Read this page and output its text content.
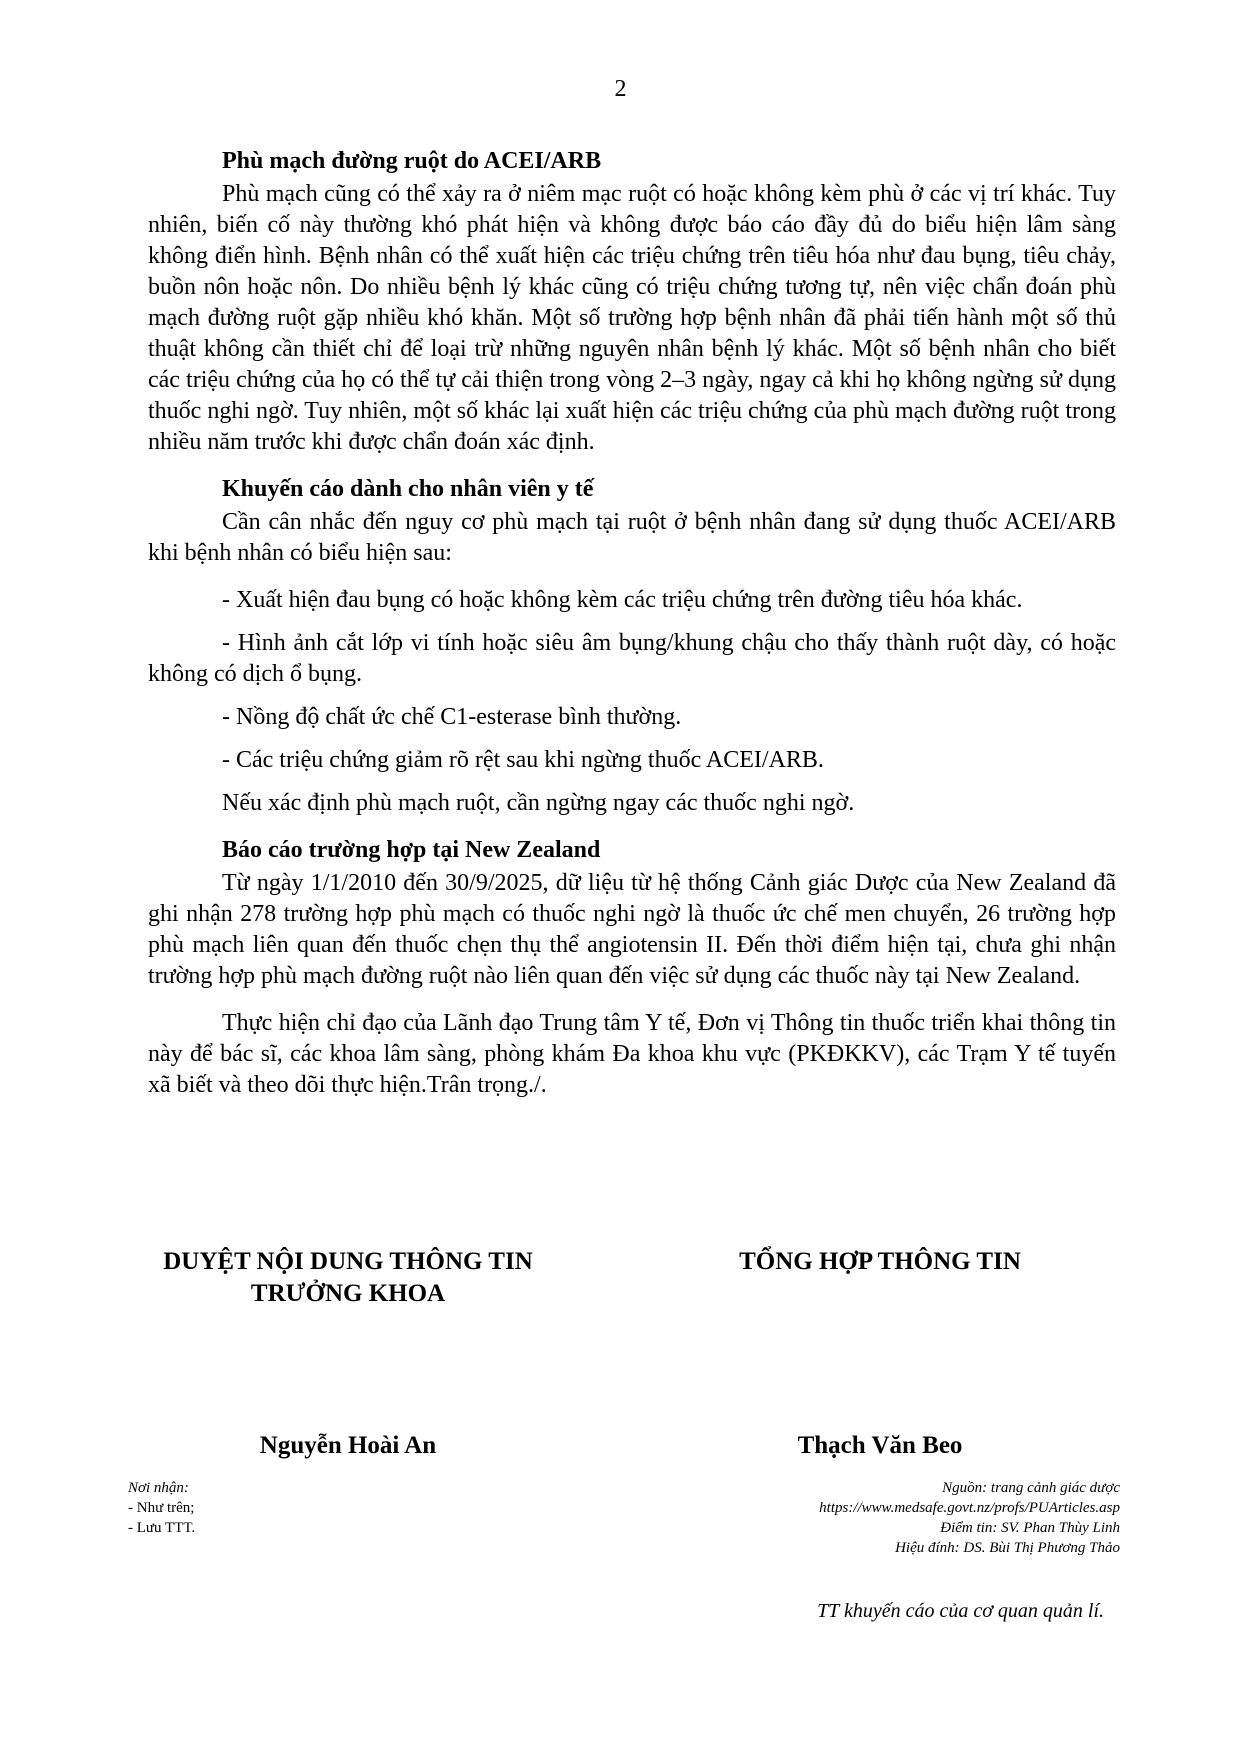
2
Phù mạch đường ruột do ACEI/ARB

Phù mạch cũng có thể xảy ra ở niêm mạc ruột có hoặc không kèm phù ở các vị trí khác. Tuy nhiên, biến cố này thường khó phát hiện và không được báo cáo đầy đủ do biểu hiện lâm sàng không điển hình. Bệnh nhân có thể xuất hiện các triệu chứng trên tiêu hóa như đau bụng, tiêu chảy, buồn nôn hoặc nôn. Do nhiều bệnh lý khác cũng có triệu chứng tương tự, nên việc chẩn đoán phù mạch đường ruột gặp nhiều khó khăn. Một số trường hợp bệnh nhân đã phải tiến hành một số thủ thuật không cần thiết chỉ để loại trừ những nguyên nhân bệnh lý khác. Một số bệnh nhân cho biết các triệu chứng của họ có thể tự cải thiện trong vòng 2–3 ngày, ngay cả khi họ không ngừng sử dụng thuốc nghi ngờ. Tuy nhiên, một số khác lại xuất hiện các triệu chứng của phù mạch đường ruột trong nhiều năm trước khi được chẩn đoán xác định.

Khuyến cáo dành cho nhân viên y tế

Cần cân nhắc đến nguy cơ phù mạch tại ruột ở bệnh nhân đang sử dụng thuốc ACEI/ARB khi bệnh nhân có biểu hiện sau:

- Xuất hiện đau bụng có hoặc không kèm các triệu chứng trên đường tiêu hóa khác.

- Hình ảnh cắt lớp vi tính hoặc siêu âm bụng/khung chậu cho thấy thành ruột dày, có hoặc không có dịch ổ bụng.

- Nồng độ chất ức chế C1-esterase bình thường.

- Các triệu chứng giảm rõ rệt sau khi ngừng thuốc ACEI/ARB.

Nếu xác định phù mạch ruột, cần ngừng ngay các thuốc nghi ngờ.

Báo cáo trường hợp tại New Zealand

Từ ngày 1/1/2010 đến 30/9/2025, dữ liệu từ hệ thống Cảnh giác Dược của New Zealand đã ghi nhận 278 trường hợp phù mạch có thuốc nghi ngờ là thuốc ức chế men chuyển, 26 trường hợp phù mạch liên quan đến thuốc chẹn thụ thể angiotensin II. Đến thời điểm hiện tại, chưa ghi nhận trường hợp phù mạch đường ruột nào liên quan đến việc sử dụng các thuốc này tại New Zealand.

Thực hiện chỉ đạo của Lãnh đạo Trung tâm Y tế, Đơn vị Thông tin thuốc triển khai thông tin này để bác sĩ, các khoa lâm sàng, phòng khám Đa khoa khu vực (PKĐKKV), các Trạm Y tế tuyến xã biết và theo dõi thực hiện.Trân trọng./.

DUYỆT NỘI DUNG THÔNG TIN
TRƯỞNG KHOA
TỔNG HỢP THÔNG TIN
Nguyễn Hoài An	Thạch Văn Beo
Nơi nhận:
- Như trên;
- Lưu TTT.
Nguồn: trang cảnh giác dược
https://www.medsafe.govt.nz/profs/PUArticles.asp
Điểm tin: SV. Phan Thùy Linh
Hiệu đính: DS. Bùi Thị Phương Thảo
TT khuyến cáo của cơ quan quản lí.
